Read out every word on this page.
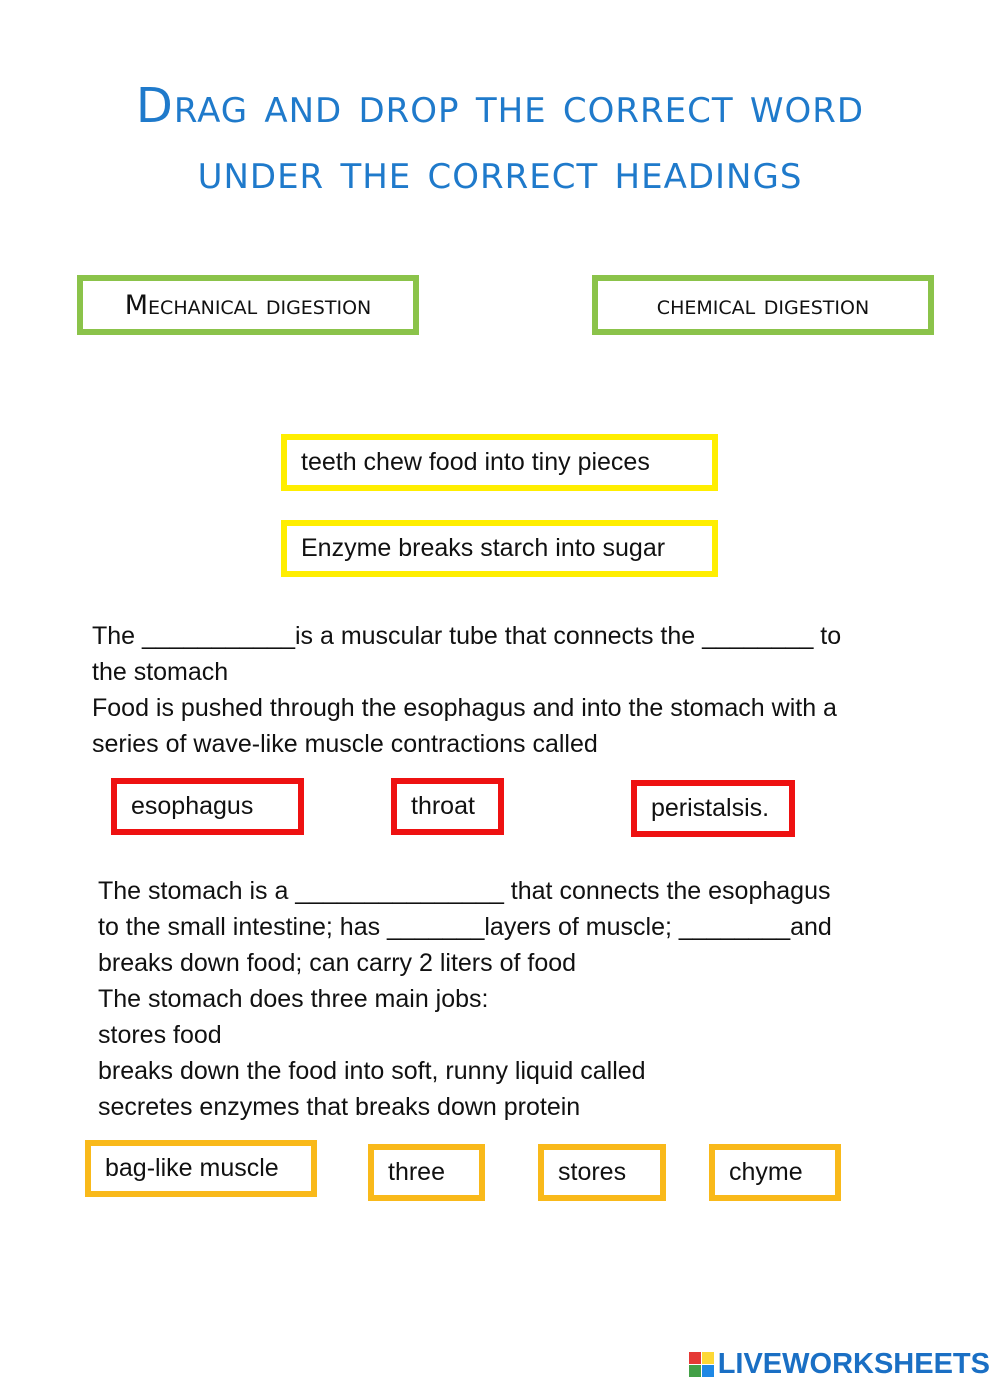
Drag and drop the correct word
under the correct headings
Mechanical digestion	chemical digestion
teeth chew food into tiny pieces
Enzyme breaks starch into sugar
The ___________is a muscular tube that connects the ________ to
the stomach
Food is pushed through the esophagus and into the stomach with a
series of wave-like muscle contractions called
esophagus	throat	peristalsis.
The stomach is a _______________ that connects the esophagus
to the small intestine; has _______layers of muscle; ________and
breaks down food; can carry 2 liters of food
The stomach does three main jobs:
stores food
breaks down the food into soft, runny liquid called
secretes enzymes that breaks down protein
bag-like muscle	three	stores	chyme
LIVEWORKSHEETS
